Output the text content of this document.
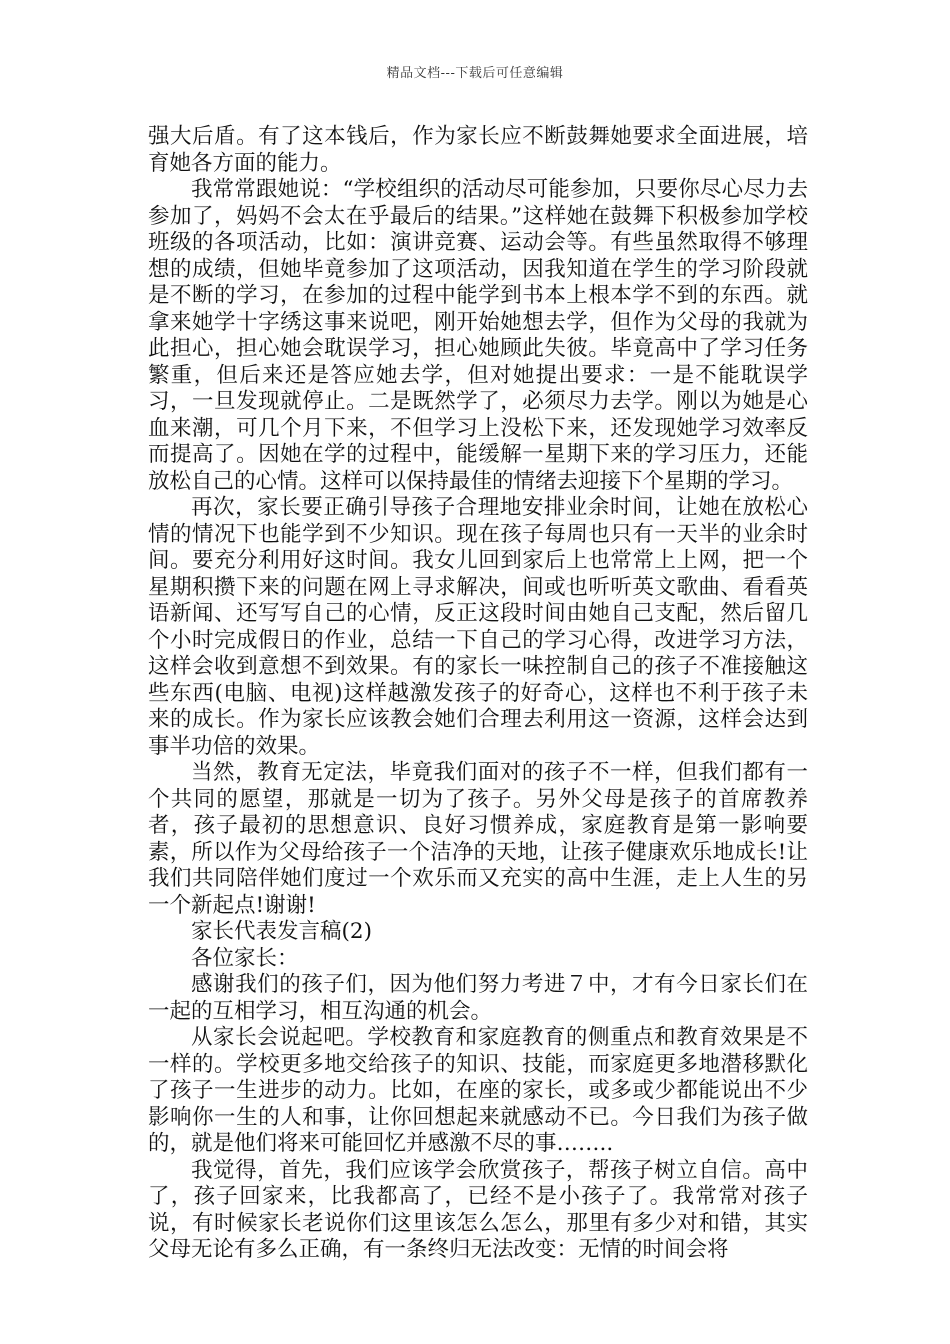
精品文档---下载后可任意编辑

强大后盾。有了这本钱后，作为家长应不断鼓舞她要求全面进展，培育她各方面的能力。

我常常跟她说：“学校组织的活动尽可能参加，只要你尽心尽力去参加了，妈妈不会太在乎最后的结果。”这样她在鼓舞下积极参加学校班级的各项活动，比如：演讲竞赛、运动会等。有些虽然取得不够理想的成绩，但她毕竟参加了这项活动，因我知道在学生的学习阶段就是不断的学习，在参加的过程中能学到书本上根本学不到的东西。就拿来她学十字绣这事来说吧，刚开始她想去学，但作为父母的我就为此担心，担心她会耽误学习，担心她顾此失彼。毕竟高中了学习任务繁重，但后来还是答应她去学，但对她提出要求：一是不能耽误学习，一旦发现就停止。二是既然学了，必须尽力去学。刚以为她是心血来潮，可几个月下来，不但学习上没松下来，还发现她学习效率反而提高了。因她在学的过程中，能缓解一星期下来的学习压力，还能放松自己的心情。这样可以保持最佳的情绪去迎接下个星期的学习。

再次，家长要正确引导孩子合理地安排业余时间，让她在放松心情的情况下也能学到不少知识。现在孩子每周也只有一天半的业余时间。要充分利用好这时间。我女儿回到家后上也常常上上网，把一个星期积攒下来的问题在网上寻求解决，间或也听听英文歌曲、看看英语新闻、还写写自己的心情，反正这段时间由她自己支配，然后留几个小时完成假日的作业，总结一下自己的学习心得，改进学习方法，这样会收到意想不到效果。有的家长一味控制自己的孩子不准接触这些东西(电脑、电视)这样越激发孩子的好奇心，这样也不利于孩子未来的成长。作为家长应该教会她们合理去利用这一资源，这样会达到事半功倍的效果。

当然，教育无定法，毕竟我们面对的孩子不一样，但我们都有一个共同的愿望，那就是一切为了孩子。另外父母是孩子的首席教养者，孩子最初的思想意识、良好习惯养成，家庭教育是第一影响要素，所以作为父母给孩子一个洁净的天地，让孩子健康欢乐地成长!让我们共同陪伴她们度过一个欢乐而又充实的高中生涯，走上人生的另一个新起点!谢谢!

家长代表发言稿(2)

各位家长：

感谢我们的孩子们，因为他们努力考进７中，才有今日家长们在一起的互相学习，相互沟通的机会。

从家长会说起吧。学校教育和家庭教育的侧重点和教育效果是不一样的。学校更多地交给孩子的知识、技能，而家庭更多地潜移默化了孩子一生进步的动力。比如，在座的家长，或多或少都能说出不少影响你一生的人和事，让你回想起来就感动不已。今日我们为孩子做的，就是他们将来可能回忆并感激不尽的事……..

我觉得，首先，我们应该学会欣赏孩子，帮孩子树立自信。高中了，孩子回家来，比我都高了，已经不是小孩子了。我常常对孩子说，有时候家长老说你们这里该怎么怎么，那里有多少对和错，其实父母无论有多么正确，有一条终归无法改变：无情的时间会将
